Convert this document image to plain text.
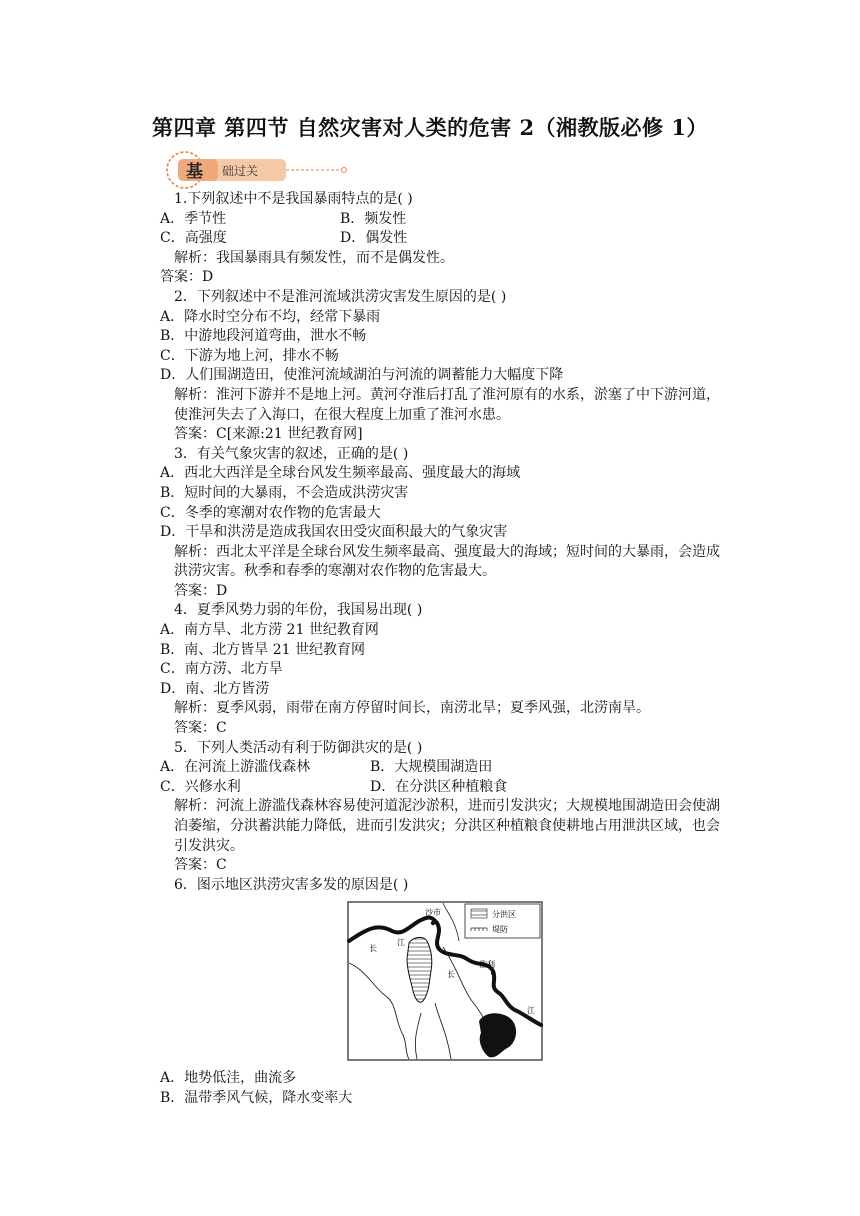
第四章 第四节 自然灾害对人类的危害 2（湘教版必修 1）
基 础过关
1.下列叙述中不是我国暴雨特点的是( )
A．季节性	B．频发性
C．高强度	D．偶发性
解析：我国暴雨具有频发性，而不是偶发性。
答案：D
2．下列叙述中不是淮河流域洪涝灾害发生原因的是( )
A．降水时空分布不均，经常下暴雨
B．中游地段河道弯曲，泄水不畅
C．下游为地上河，排水不畅
D．人们围湖造田，使淮河流域湖泊与河流的调蓄能力大幅度下降
解析：淮河下游并不是地上河。黄河夺淮后打乱了淮河原有的水系，淤塞了中下游河道，使淮河失去了入海口，在很大程度上加重了淮河水患。
答案：C[来源:21 世纪教育网]
3．有关气象灾害的叙述，正确的是( )
A．西北大西洋是全球台风发生频率最高、强度最大的海域
B．短时间的大暴雨，不会造成洪涝灾害
C．冬季的寒潮对农作物的危害最大
D．干旱和洪涝是造成我国农田受灾面积最大的气象灾害
解析：西北太平洋是全球台风发生频率最高、强度最大的海域；短时间的大暴雨，会造成洪涝灾害。秋季和春季的寒潮对农作物的危害最大。
答案：D
4．夏季风势力弱的年份，我国易出现( )
A．南方旱、北方涝 21 世纪教育网
B．南、北方皆旱 21 世纪教育网
C．南方涝、北方旱
D．南、北方皆涝
解析：夏季风弱，雨带在南方停留时间长，南涝北旱；夏季风强，北涝南旱。
答案：C
5．下列人类活动有利于防御洪灾的是( )
A．在河流上游滥伐森林	B．大规模围湖造田
C．兴修水利	D．在分洪区种植粮食
解析：河流上游滥伐森林容易使河道泥沙淤积，进而引发洪灾；大规模地围湖造田会使湖泊萎缩，分洪蓄洪能力降低，进而引发洪灾；分洪区种植粮食使耕地占用泄洪区域，也会引发洪灾。
答案：C
6．图示地区洪涝灾害多发的原因是( )
分洪区
堤防
沙市
监利
长
江
长
江
A．地势低洼，曲流多
B．温带季风气候，降水变率大
